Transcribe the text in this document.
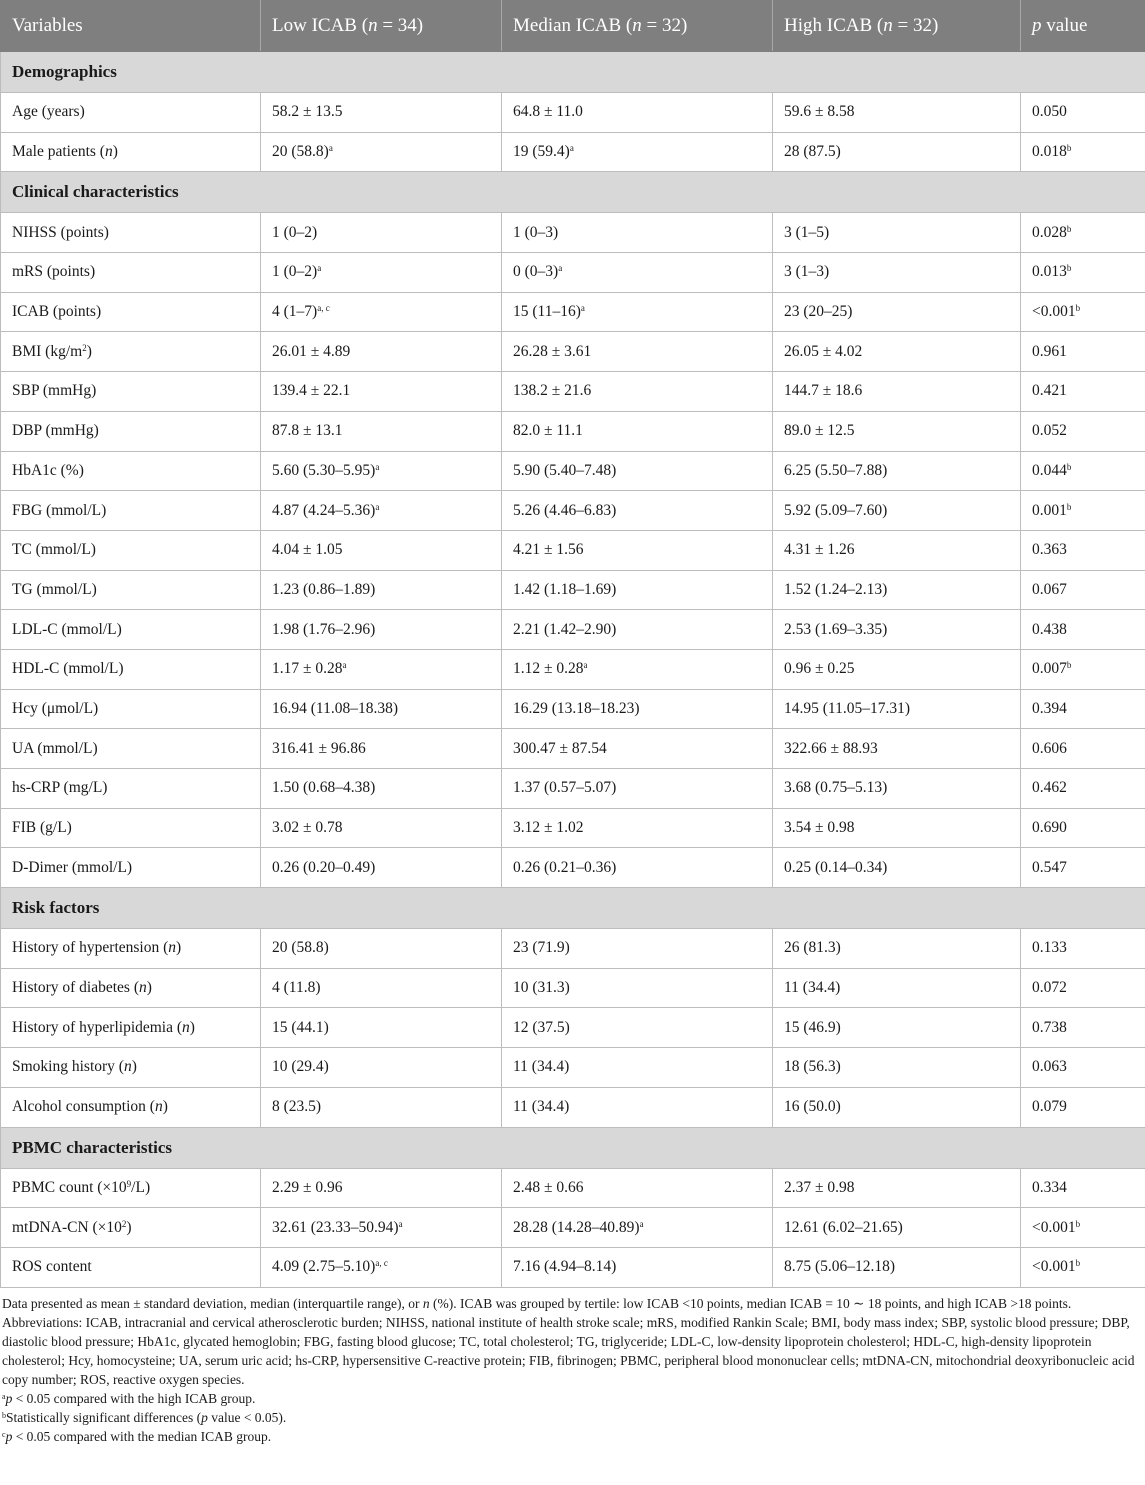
Variables	Low ICAB (n = 34)	Median ICAB (n = 32)	High ICAB (n = 32)	p value
Demographics				
Age (years)	58.2 ± 13.5	64.8 ± 11.0	59.6 ± 8.58	0.050
Male patients (n)	20 $(58.8)^a$	19 $(59.4)^a$	28 (87.5)	0.018$^b$
Clinical characteristics				
NIHSS (points)	1 (0–2)	1 (0–3)	3 (1–5)	0.028$^b$
mRS (points)	1 $(0-2)^a$	0 $(0-3)^a$	3 (1–3)	0.013$^b$
ICAB (points)	4 $(1-7)^{a, c}$	15 $(11-16)^a$	23 (20–25)	<0.001$^b$
BMI $(kg/m^2)$	26.01 ± 4.89	26.28 ± 3.61	26.05 ± 4.02	0.961
SBP (mmHg)	139.4 ± 22.1	138.2 ± 21.6	144.7 ± 18.6	0.421
DBP (mmHg)	87.8 ± 13.1	82.0 ± 11.1	89.0 ± 12.5	0.052
HbA1c (%)	5.60 $(5.30-5.95)^a$	5.90 (5.40–7.48)	6.25 (5.50–7.88)	0.044$^b$
FBG (mmol/L)	4.87 $(4.24-5.36)^a$	5.26 (4.46–6.83)	5.92 (5.09–7.60)	0.001$^b$
TC (mmol/L)	4.04 ± 1.05	4.21 ± 1.56	4.31 ± 1.26	0.363
TG (mmol/L)	1.23 (0.86–1.89)	1.42 (1.18–1.69)	1.52 (1.24–2.13)	0.067
LDL-C (mmol/L)	1.98 (1.76–2.96)	2.21 (1.42–2.90)	2.53 (1.69–3.35)	0.438
HDL-C (mmol/L)	1.17 ± 0.28$^a$	1.12 ± 0.28$^a$	0.96 ± 0.25	0.007$^b$
Hcy (μmol/L)	16.94 (11.08–18.38)	16.29 (13.18–18.23)	14.95 (11.05–17.31)	0.394
UA (mmol/L)	316.41 ± 96.86	300.47 ± 87.54	322.66 ± 88.93	0.606
hs-CRP (mg/L)	1.50 (0.68–4.38)	1.37 (0.57–5.07)	3.68 (0.75–5.13)	0.462
FIB (g/L)	3.02 ± 0.78	3.12 ± 1.02	3.54 ± 0.98	0.690
D-Dimer (mmol/L)	0.26 (0.20–0.49)	0.26 (0.21–0.36)	0.25 (0.14–0.34)	0.547
Risk factors				
History of hypertension (n)	20 (58.8)	23 (71.9)	26 (81.3)	0.133
History of diabetes (n)	4 (11.8)	10 (31.3)	11 (34.4)	0.072
History of hyperlipidemia (n)	15 (44.1)	12 (37.5)	15 (46.9)	0.738
Smoking history (n)	10 (29.4)	11 (34.4)	18 (56.3)	0.063
Alcohol consumption (n)	8 (23.5)	11 (34.4)	16 (50.0)	0.079
PBMC characteristics				
PBMC count $(\times 10^9/L)$	2.29 ± 0.96	2.48 ± 0.66	2.37 ± 0.98	0.334
mtDNA-CN $(\times 10^2)$	32.61 $(23.33-50.94)^a$	28.28 $(14.28-40.89)^a$	12.61 (6.02–21.65)	<0.001$^b$
ROS content	4.09 $(2.75-5.10)^{a, c}$	7.16 (4.94–8.14)	8.75 (5.06–12.18)	<0.001$^b$

Data presented as mean ± standard deviation, median (interquartile range), or n (%). ICAB was grouped by tertile: low ICAB <10 points, median ICAB = 10 ∼ 18 points, and high ICAB >18 points.

Abbreviations: ICAB, intracranial and cervical atherosclerotic burden; NIHSS, national institute of health stroke scale; mRS, modified Rankin Scale; BMI, body mass index; SBP, systolic blood pressure; DBP, diastolic blood pressure; HbA1c, glycated hemoglobin; FBG, fasting blood glucose; TC, total cholesterol; TG, triglyceride; LDL-C, low-density lipoprotein cholesterol; HDL-C, high-density lipoprotein cholesterol; Hcy, homocysteine; UA, serum uric acid; hs-CRP, hypersensitive C-reactive protein; FIB, fibrinogen; PBMC, peripheral blood mononuclear cells; mtDNA-CN, mitochondrial deoxyribonucleic acid copy number; ROS, reactive oxygen species.

$^a$p < 0.05 compared with the high ICAB group.

$^b$Statistically significant differences (p value < 0.05).

$^c$p < 0.05 compared with the median ICAB group.
